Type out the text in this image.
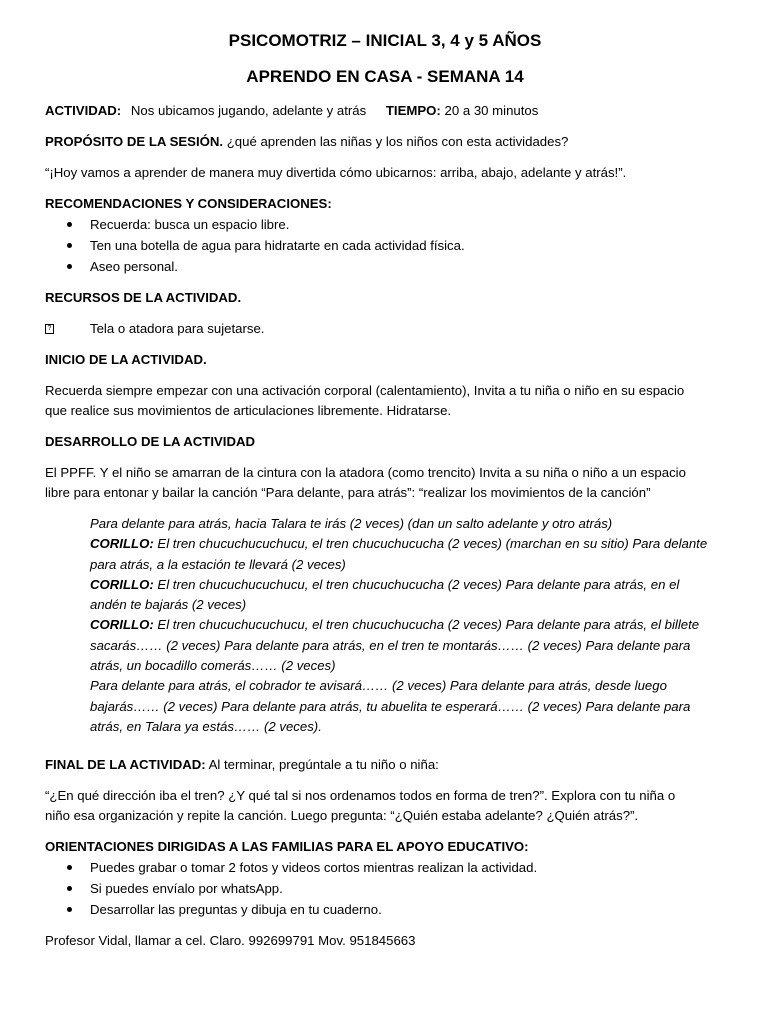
PSICOMOTRIZ – INICIAL 3, 4 y 5 AÑOS
APRENDO EN CASA - SEMANA 14

ACTIVIDAD: Nos ubicamos jugando, adelante y atrás TIEMPO: 20 a 30 minutos

PROPÓSITO DE LA SESIÓN. ¿qué aprenden las niñas y los niños con esta actividades?

“¡Hoy vamos a aprender de manera muy divertida cómo ubicarnos: arriba, abajo, adelante y atrás!”.

RECOMENDACIONES Y CONSIDERACIONES:

Recuerda: busca un espacio libre.
Ten una botella de agua para hidratarte en cada actividad física.
Aseo personal.

RECURSOS DE LA ACTIVIDAD.

?	Tela o atadora para sujetarse.

INICIO DE LA ACTIVIDAD.

Recuerda siempre empezar con una activación corporal (calentamiento), Invita a tu niña o niño en su espacio

que realice sus movimientos de articulaciones libremente. Hidratarse.

DESARROLLO DE LA ACTIVIDAD

El PPFF. Y el niño se amarran de la cintura con la atadora (como trencito) Invita a su niña o niño a un espacio

libre para entonar y bailar la canción “Para delante, para atrás”: “realizar los movimientos de la canción”

Para delante para atrás, hacia Talara te irás (2 veces) (dan un salto adelante y otro atrás)

CORILLO: El tren chucuchucuchucu, el tren chucuchucucha (2 veces) (marchan en su sitio) Para delante

para atrás, a la estación te llevará (2 veces)

CORILLO: El tren chucuchucuchucu, el tren chucuchucucha (2 veces) Para delante para atrás, en el

andén te bajarás (2 veces)

CORILLO: El tren chucuchucuchucu, el tren chucuchucucha (2 veces) Para delante para atrás, el billete

sacarás…… (2 veces) Para delante para atrás, en el tren te montarás…… (2 veces) Para delante para

atrás, un bocadillo comerás…… (2 veces)

Para delante para atrás, el cobrador te avisará…… (2 veces) Para delante para atrás, desde luego

bajarás…… (2 veces) Para delante para atrás, tu abuelita te esperará…… (2 veces) Para delante para

atrás, en Talara ya estás…… (2 veces).

FINAL DE LA ACTIVIDAD: Al terminar, pregúntale a tu niño o niña:

“¿En qué dirección iba el tren? ¿Y qué tal si nos ordenamos todos en forma de tren?”. Explora con tu niña o

niño esa organización y repite la canción. Luego pregunta: “¿Quién estaba adelante? ¿Quién atrás?”.

ORIENTACIONES DIRIGIDAS A LAS FAMILIAS PARA EL APOYO EDUCATIVO:

Puedes grabar o tomar 2 fotos y videos cortos mientras realizan la actividad.
Si puedes envíalo por whatsApp.
Desarrollar las preguntas y dibuja en tu cuaderno.

Profesor Vidal, llamar a cel. Claro. 992699791 Mov. 951845663
